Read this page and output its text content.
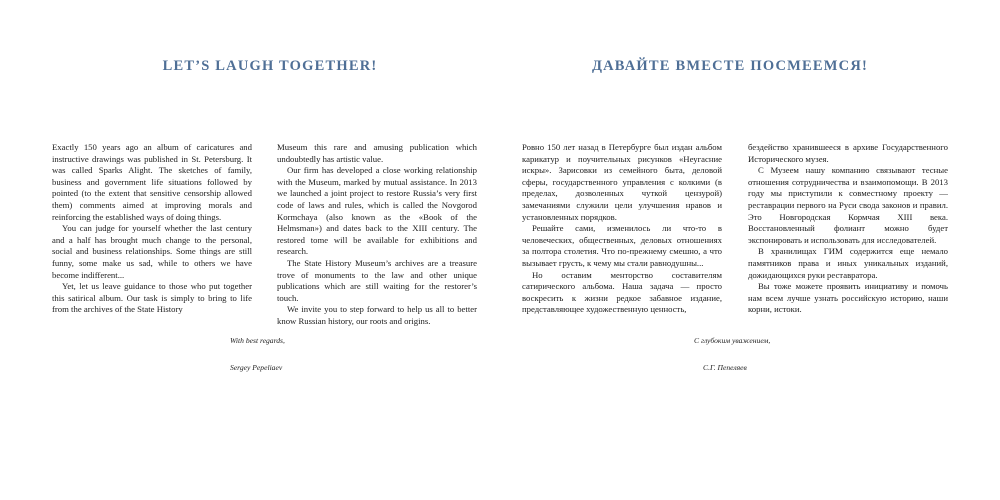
LET’S LAUGH TOGETHER!

Exactly 150 years ago an album of caricatures and instructive drawings was published in St. Petersburg. It was called Sparks Alight. The sketches of family, business and government life situations followed by pointed (to the extent that sensitive censorship allowed them) comments aimed at improving morals and reinforcing the established ways of doing things.

You can judge for yourself whether the last century and a half has brought much change to the personal, social and business relationships. Some things are still funny, some make us sad, while to others we have become indifferent...

Yet, let us leave guidance to those who put together this satirical album. Our task is simply to bring to life from the archives of the State History

Museum this rare and amusing publication which undoubtedly has artistic value.

Our firm has developed a close working relationship with the Museum, marked by mutual assistance. In 2013 we launched a joint project to restore Russia’s very first code of laws and rules, which is called the Novgorod Kormchaya (also known as the «Book of the Helmsman») and dates back to the XIII century. The restored tome will be available for exhibitions and research.

The State History Museum’s archives are a treasure trove of monuments to the law and other unique publications which are still waiting for the restorer’s touch.

We invite you to step forward to help us all to better know Russian history, our roots and origins.

With best regards,
Sergey Pepeliaev
ДАВАЙТЕ ВМЕСТЕ ПОСМЕЕМСЯ!

Ровно 150 лет назад в Петербурге был издан альбом карикатур и поучительных рисунков «Неугасние искры». Зарисовки из семейного быта, деловой сферы, государственного управления с колкими (в пределах, дозволенных чуткой цензурой) замечаниями служили цели улучшения нравов и установленных порядков.

Решайте сами, изменилось ли что-то в человеческих, общественных, деловых отношениях за полтора столетия. Что по-прежнему смешно, а что вызывает грусть, к чему мы стали равнодушны...

Но оставим менторство составителям сатирического альбома. Наша задача — просто воскресить к жизни редкое забавное издание, представляющее художественную ценность,

бездейство хранившееся в архиве Государственного Исторического музея.

С Музеем нашу компанию связывают тесные отношения сотрудничества и взаимопомощи. В 2013 году мы приступили к совместному проекту — реставрации первого на Руси свода законов и правил. Это Новгородская Кормчая XIII века. Восстановленный фолиант можно будет экспонировать и использовать для исследователей.

В хранилищах ГИМ содержится еще немало памятников права и иных уникальных изданий, дожидающихся руки реставратора.

Вы тоже можете проявить инициативу и помочь нам всем лучше узнать российскую историю, наши корни, истоки.

С глубоким уважением,
С.Г. Пепеляев
